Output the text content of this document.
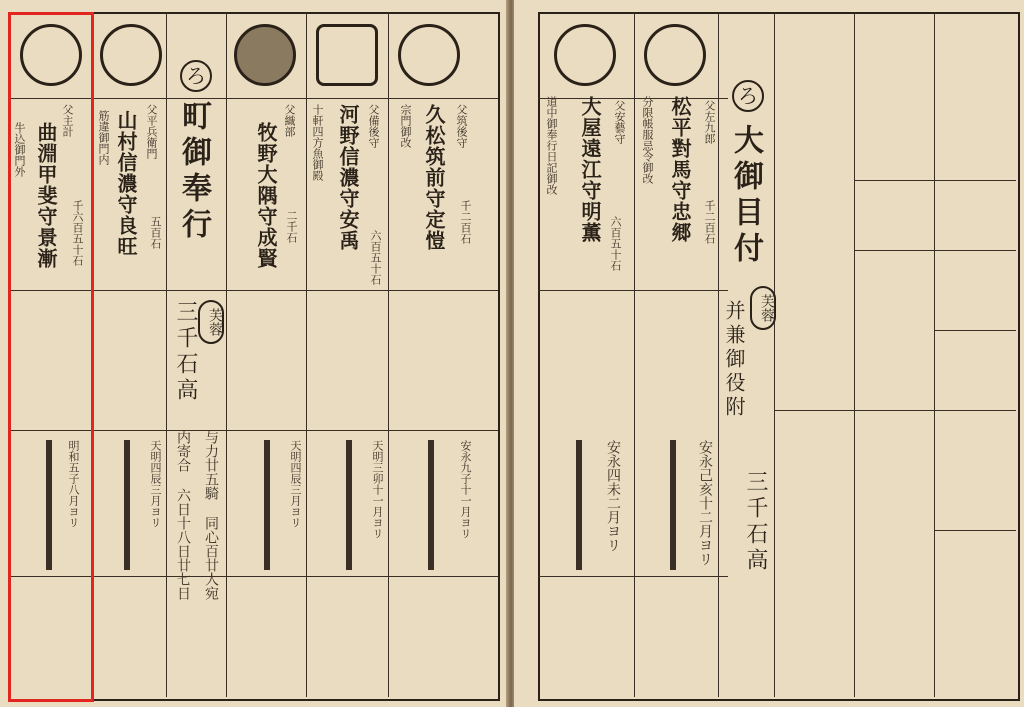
父主計
曲淵甲斐守景漸 千六百五十石
牛込御門外
明和五子八月ヨリ
父平兵衛門
山村信濃守良旺 五百石
筋違御門内
天明四辰三月ヨリ
ろ
町御奉行
芙蓉
三千石高
与力廿五騎 同心百廿人宛
内寄合 六日十八日廿七日
父織部
牧野大隅守成賢 二千石
天明四辰三月ヨリ
父備後守
河野信濃守安禹
六百五十石
十軒四方魚御殿
天明三卯十一月ヨリ
父筑後守
久松筑前守定愷 千二百石
宗門御改
安永九子十一月ヨリ
父安藝守
大屋遠江守明薫
六百五十石
道中御奉行日記御改
安永四未二月ヨリ
父左九郎
松平對馬守忠郷 千二百石
分限帳服忌令御改
安永己亥十二月ヨリ
ろ
大御目付
芙蓉
并兼御役附
三千石高
